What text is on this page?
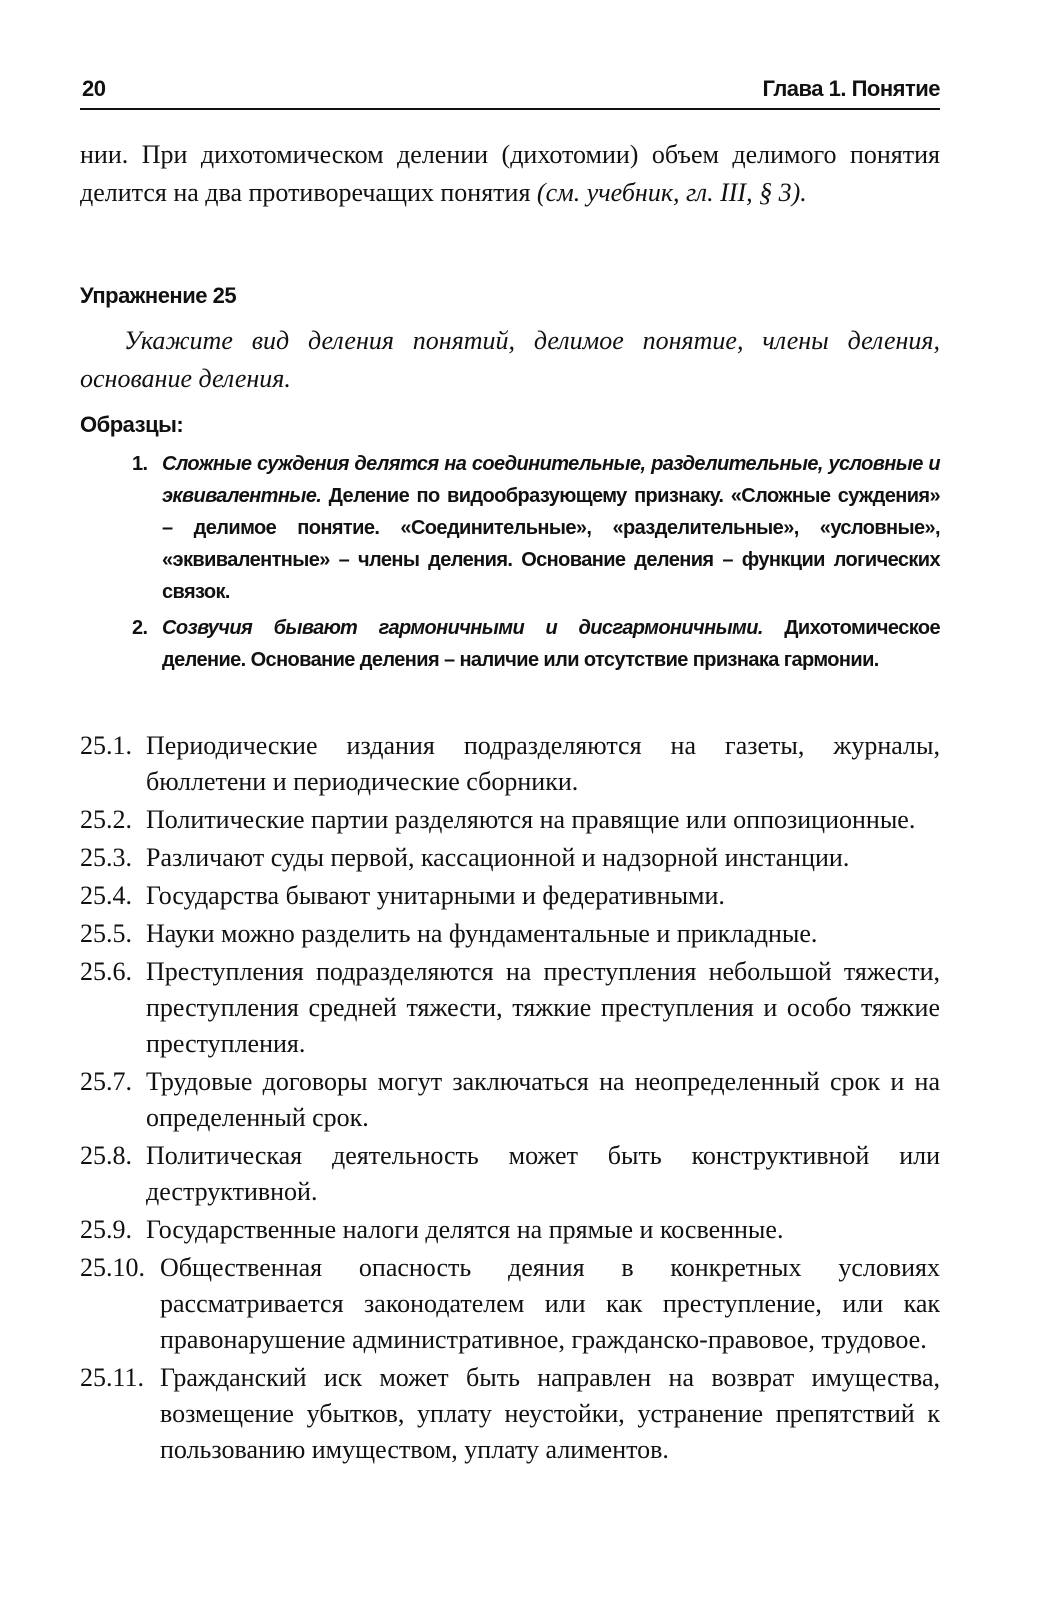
20	Глава 1. Понятие

нии. При дихотомическом делении (дихотомии) объем делимого понятия делится на два противоречащих понятия (см. учебник, гл. III, § 3).

Упражнение 25

Укажите вид деления понятий, делимое понятие, члены деления, основание деления.

Образцы:
1. Сложные суждения делятся на соединительные, разделительные, условные и эквивалентные. Деление по видообразующему признаку. «Сложные суждения» – делимое понятие. «Соединительные», «разделительные», «условные», «эквивалентные» – члены деления. Основание деления – функции логических связок.
2. Созвучия бывают гармоничными и дисгармоничными. Дихотомическое деление. Основание деления – наличие или отсутствие признака гармонии.
25.1. Периодические издания подразделяются на газеты, журналы, бюллетени и периодические сборники.
25.2. Политические партии разделяются на правящие или оппозиционные.
25.3. Различают суды первой, кассационной и надзорной инстанции.
25.4. Государства бывают унитарными и федеративными.
25.5. Науки можно разделить на фундаментальные и прикладные.
25.6. Преступления подразделяются на преступления небольшой тяжести, преступления средней тяжести, тяжкие преступления и особо тяжкие преступления.
25.7. Трудовые договоры могут заключаться на неопределенный срок и на определенный срок.
25.8. Политическая деятельность может быть конструктивной или деструктивной.
25.9. Государственные налоги делятся на прямые и косвенные.
25.10. Общественная опасность деяния в конкретных условиях рассматривается законодателем или как преступление, или как правонарушение административное, гражданско-правовое, трудовое.
25.11. Гражданский иск может быть направлен на возврат имущества, возмещение убытков, уплату неустойки, устранение препятствий к пользованию имуществом, уплату алиментов.
